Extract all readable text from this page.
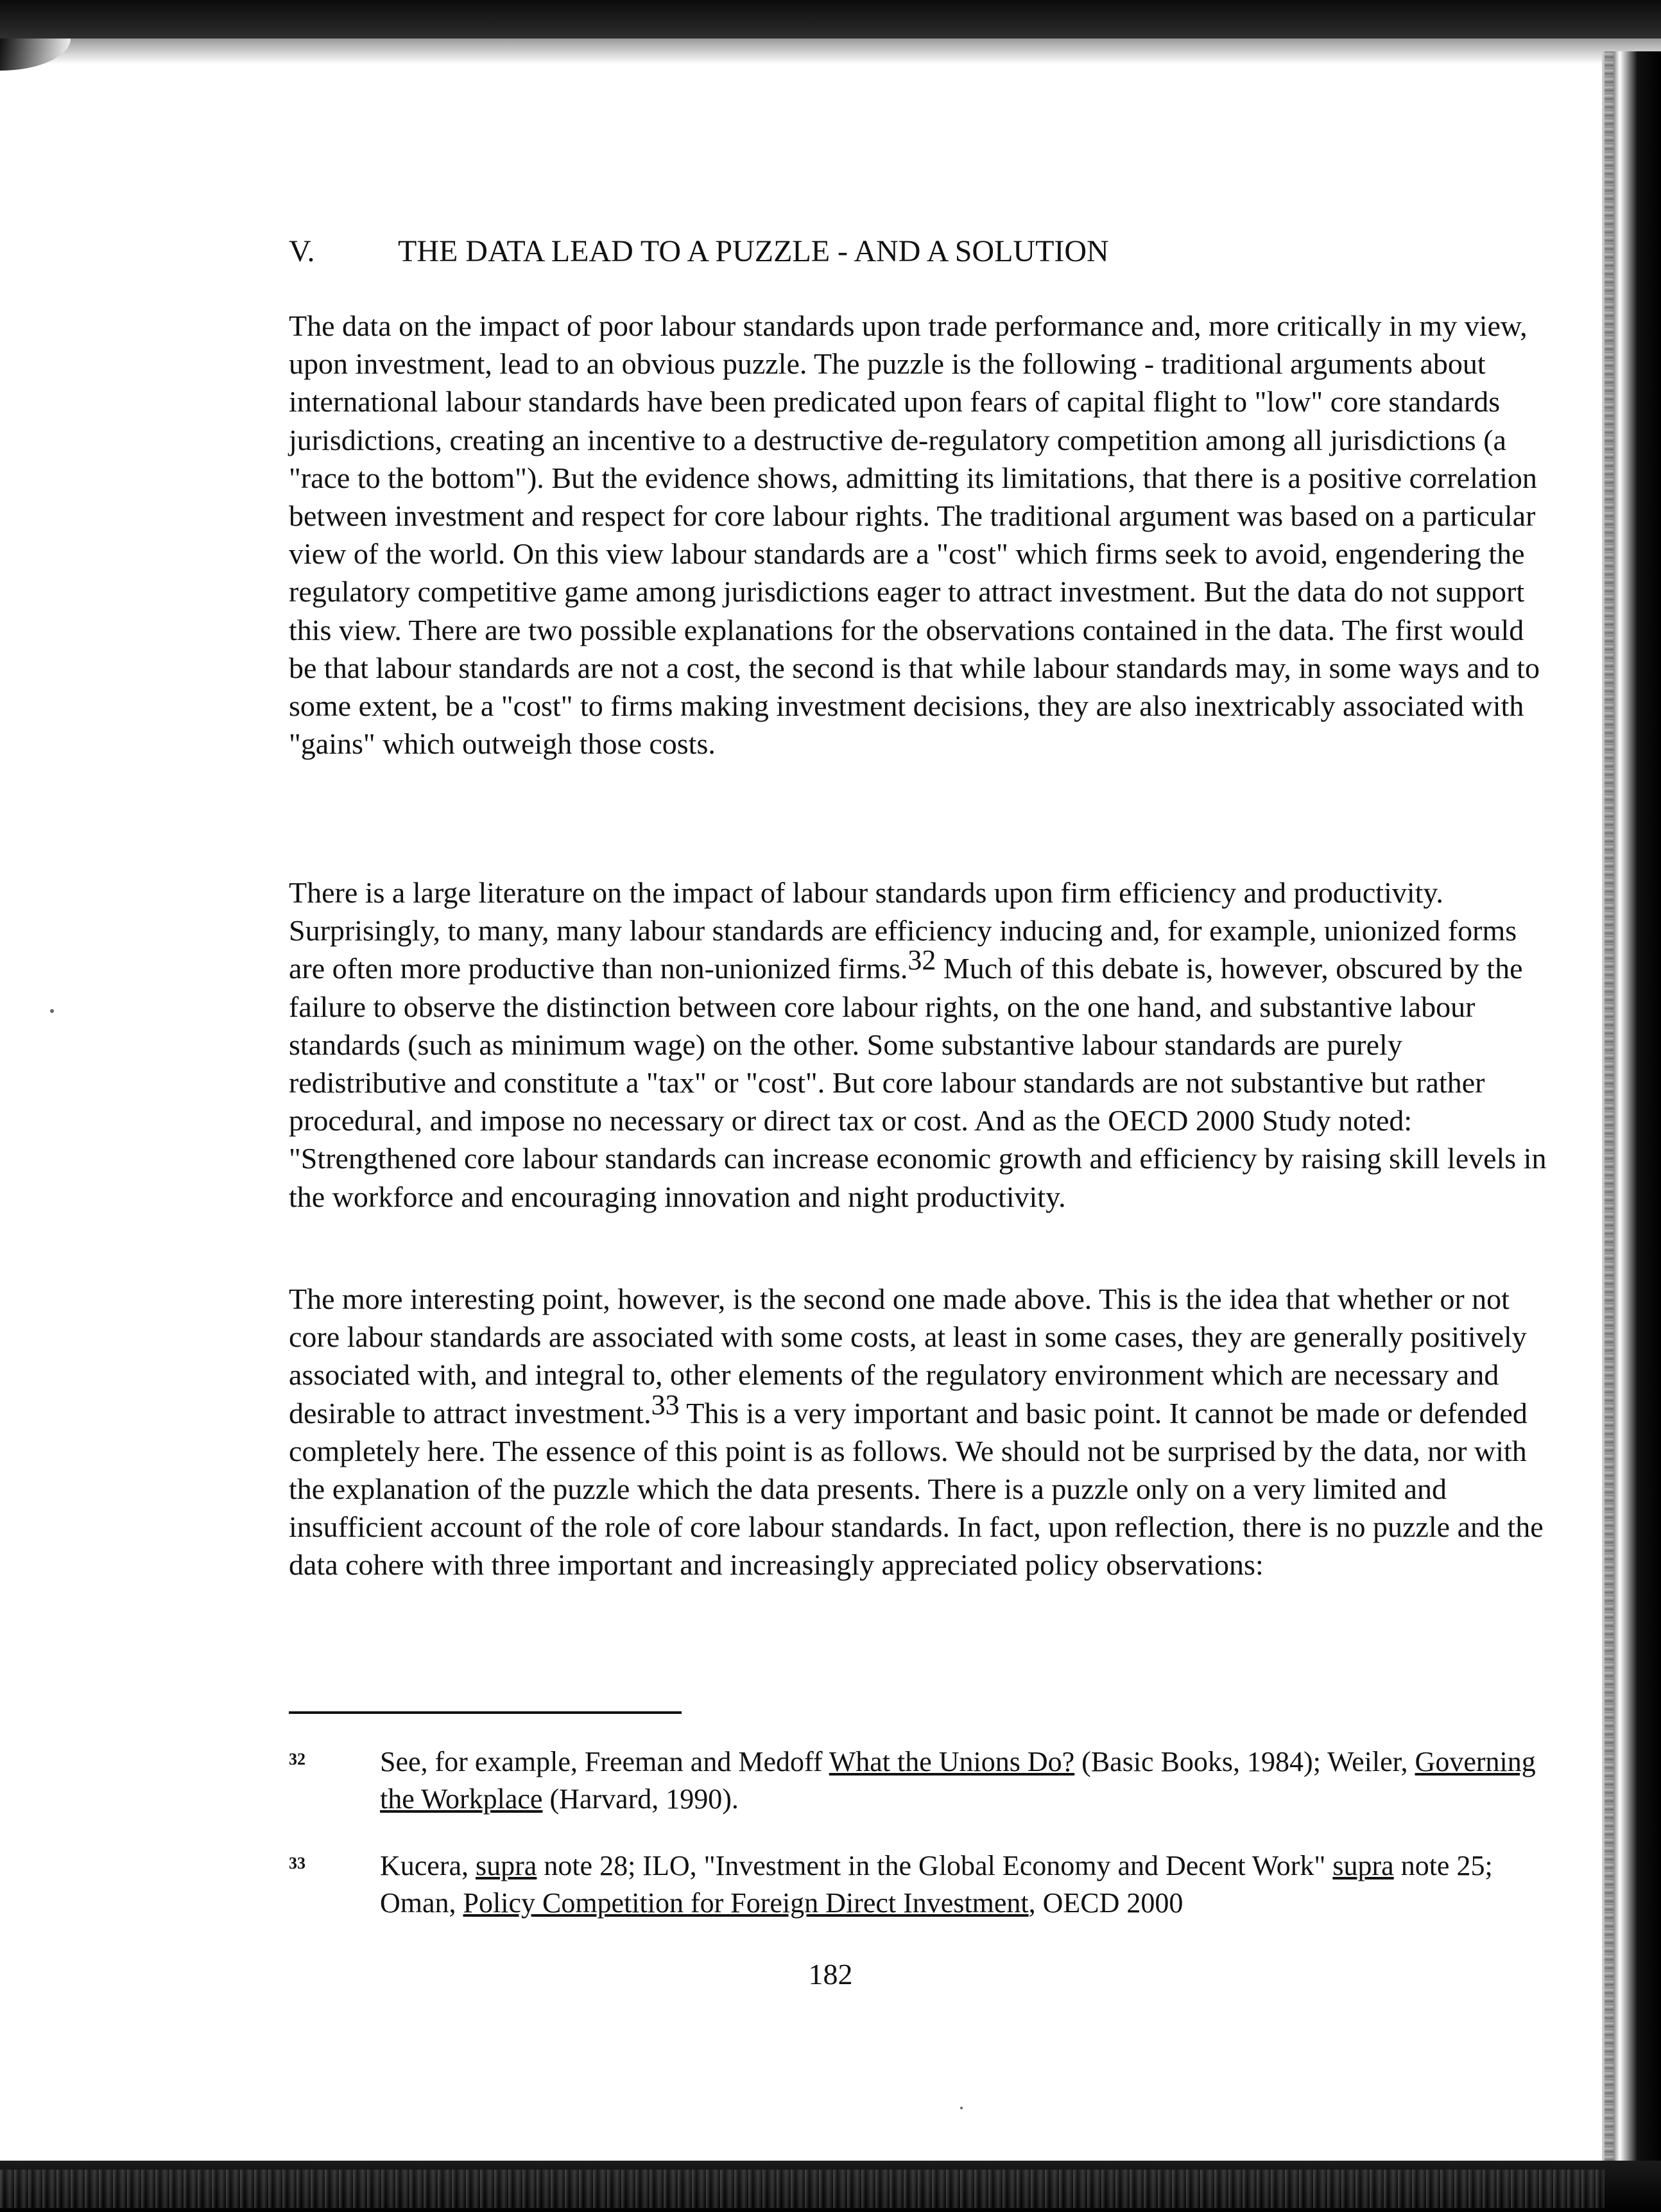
V.	THE DATA LEAD TO A PUZZLE - AND A SOLUTION

The data on the impact of poor labour standards upon trade performance and, more critically in my view, upon investment, lead to an obvious puzzle. The puzzle is the following - traditional arguments about international labour standards have been predicated upon fears of capital flight to "low" core standards jurisdictions, creating an incentive to a destructive de-regulatory competition among all jurisdictions (a "race to the bottom"). But the evidence shows, admitting its limitations, that there is a positive correlation between investment and respect for core labour rights. The traditional argument was based on a particular view of the world. On this view labour standards are a "cost" which firms seek to avoid, engendering the regulatory competitive game among jurisdictions eager to attract investment. But the data do not support this view. There are two possible explanations for the observations contained in the data. The first would be that labour standards are not a cost, the second is that while labour standards may, in some ways and to some extent, be a "cost" to firms making investment decisions, they are also inextricably associated with "gains" which outweigh those costs.

There is a large literature on the impact of labour standards upon firm efficiency and productivity. Surprisingly, to many, many labour standards are efficiency inducing and, for example, unionized forms are often more productive than non-unionized firms.32 Much of this debate is, however, obscured by the failure to observe the distinction between core labour rights, on the one hand, and substantive labour standards (such as minimum wage) on the other. Some substantive labour standards are purely redistributive and constitute a "tax" or "cost". But core labour standards are not substantive but rather procedural, and impose no necessary or direct tax or cost. And as the OECD 2000 Study noted: "Strengthened core labour standards can increase economic growth and efficiency by raising skill levels in the workforce and encouraging innovation and night productivity.

The more interesting point, however, is the second one made above. This is the idea that whether or not core labour standards are associated with some costs, at least in some cases, they are generally positively associated with, and integral to, other elements of the regulatory environment which are necessary and desirable to attract investment.33 This is a very important and basic point. It cannot be made or defended completely here. The essence of this point is as follows. We should not be surprised by the data, nor with the explanation of the puzzle which the data presents. There is a puzzle only on a very limited and insufficient account of the role of core labour standards. In fact, upon reflection, there is no puzzle and the data cohere with three important and increasingly appreciated policy observations:

32	See, for example, Freeman and Medoff What the Unions Do? (Basic Books, 1984); Weiler, Governing the Workplace (Harvard, 1990).
33	Kucera, supra note 28; ILO, "Investment in the Global Economy and Decent Work" supra note 25; Oman, Policy Competition for Foreign Direct Investment, OECD 2000
182
